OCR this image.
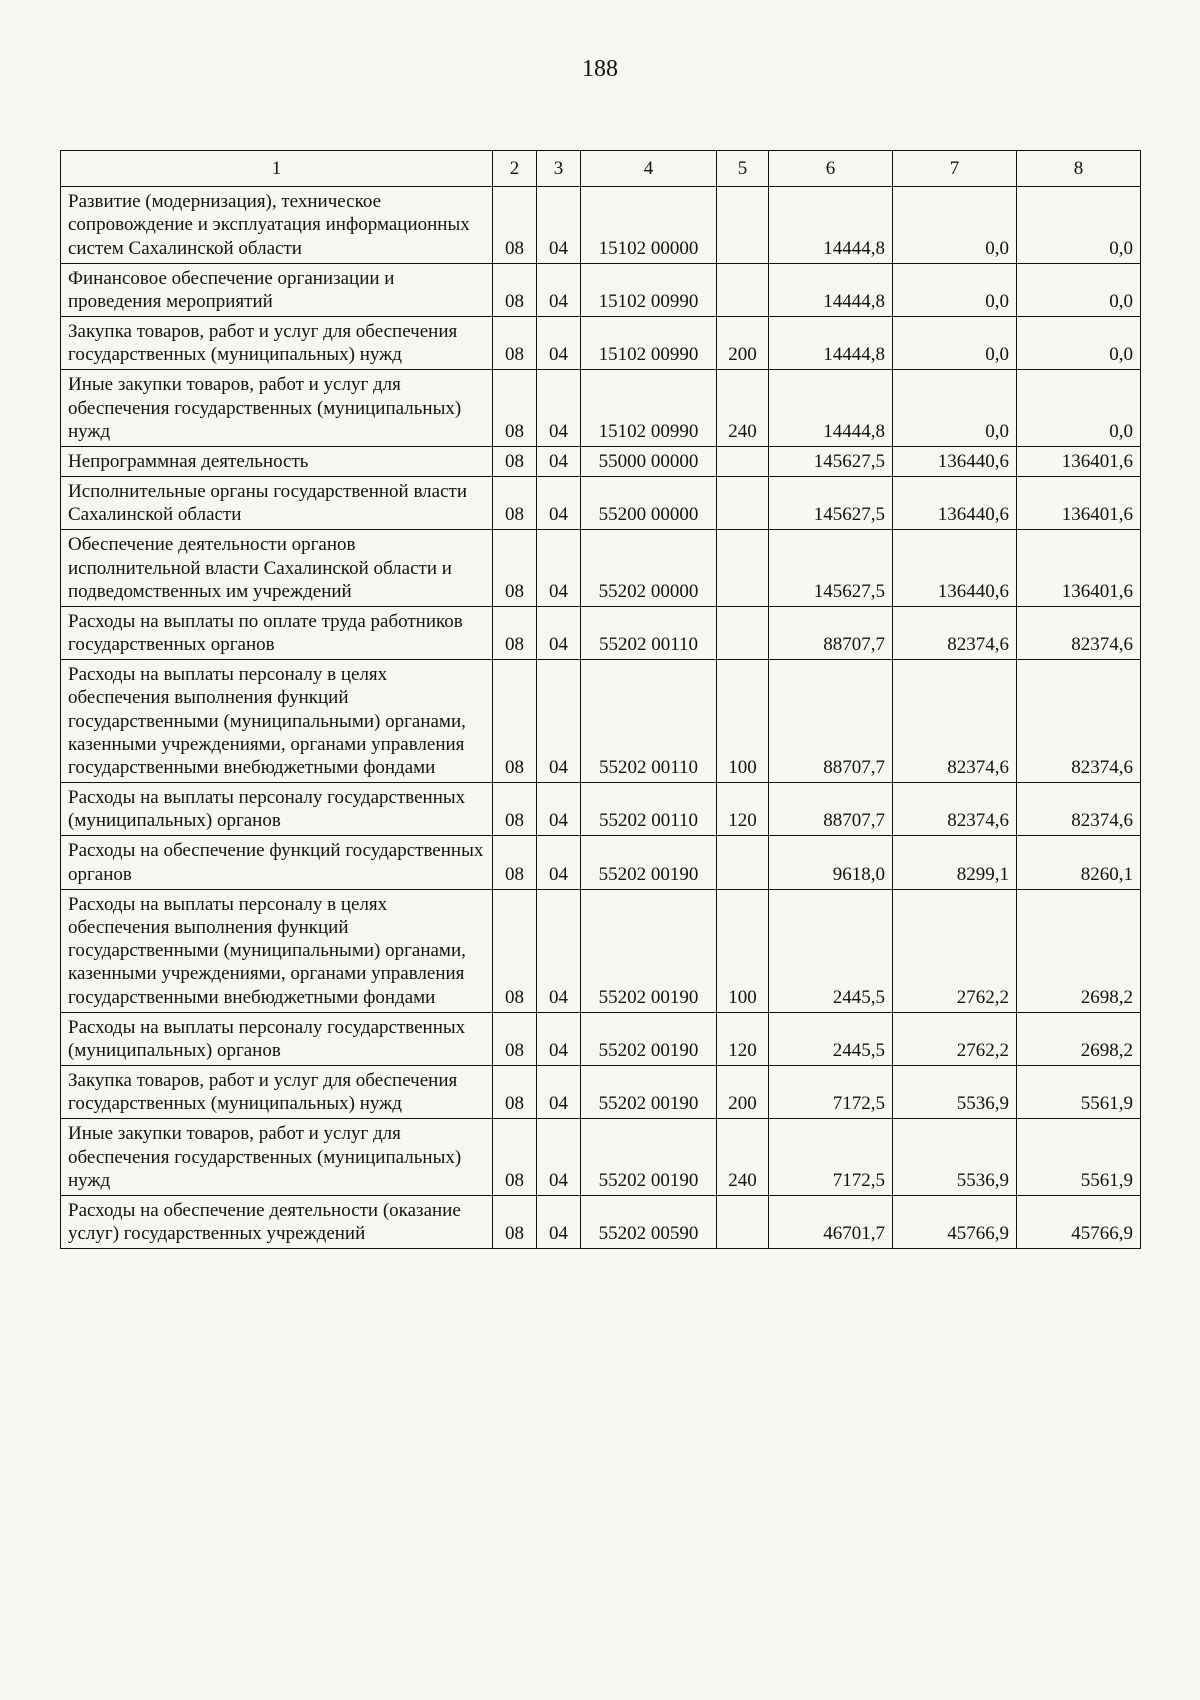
188
1	2	3	4	5	6	7	8
Развитие (модернизация), техническое сопровождение и эксплуатация информационных систем Сахалинской области	08	04	15102 00000		14444,8	0,0	0,0
Финансовое обеспечение организации и проведения мероприятий	08	04	15102 00990		14444,8	0,0	0,0
Закупка товаров, работ и услуг для обеспечения государственных (муниципальных) нужд	08	04	15102 00990	200	14444,8	0,0	0,0
Иные закупки товаров, работ и услуг для обеспечения государственных (муниципальных) нужд	08	04	15102 00990	240	14444,8	0,0	0,0
Непрограммная деятельность	08	04	55000 00000		145627,5	136440,6	136401,6
Исполнительные органы государственной власти Сахалинской области	08	04	55200 00000		145627,5	136440,6	136401,6
Обеспечение деятельности органов исполнительной власти Сахалинской области и подведомственных им учреждений	08	04	55202 00000		145627,5	136440,6	136401,6
Расходы на выплаты по оплате труда работников государственных органов	08	04	55202 00110		88707,7	82374,6	82374,6
Расходы на выплаты персоналу в целях обеспечения выполнения функций государственными (муниципальными) органами, казенными учреждениями, органами управления государственными внебюджетными фондами	08	04	55202 00110	100	88707,7	82374,6	82374,6
Расходы на выплаты персоналу государственных (муниципальных) органов	08	04	55202 00110	120	88707,7	82374,6	82374,6
Расходы на обеспечение функций государственных органов	08	04	55202 00190		9618,0	8299,1	8260,1
Расходы на выплаты персоналу в целях обеспечения выполнения функций государственными (муниципальными) органами, казенными учреждениями, органами управления государственными внебюджетными фондами	08	04	55202 00190	100	2445,5	2762,2	2698,2
Расходы на выплаты персоналу государственных (муниципальных) органов	08	04	55202 00190	120	2445,5	2762,2	2698,2
Закупка товаров, работ и услуг для обеспечения государственных (муниципальных) нужд	08	04	55202 00190	200	7172,5	5536,9	5561,9
Иные закупки товаров, работ и услуг для обеспечения государственных (муниципальных) нужд	08	04	55202 00190	240	7172,5	5536,9	5561,9
Расходы на обеспечение деятельности (оказание услуг) государственных учреждений	08	04	55202 00590		46701,7	45766,9	45766,9
